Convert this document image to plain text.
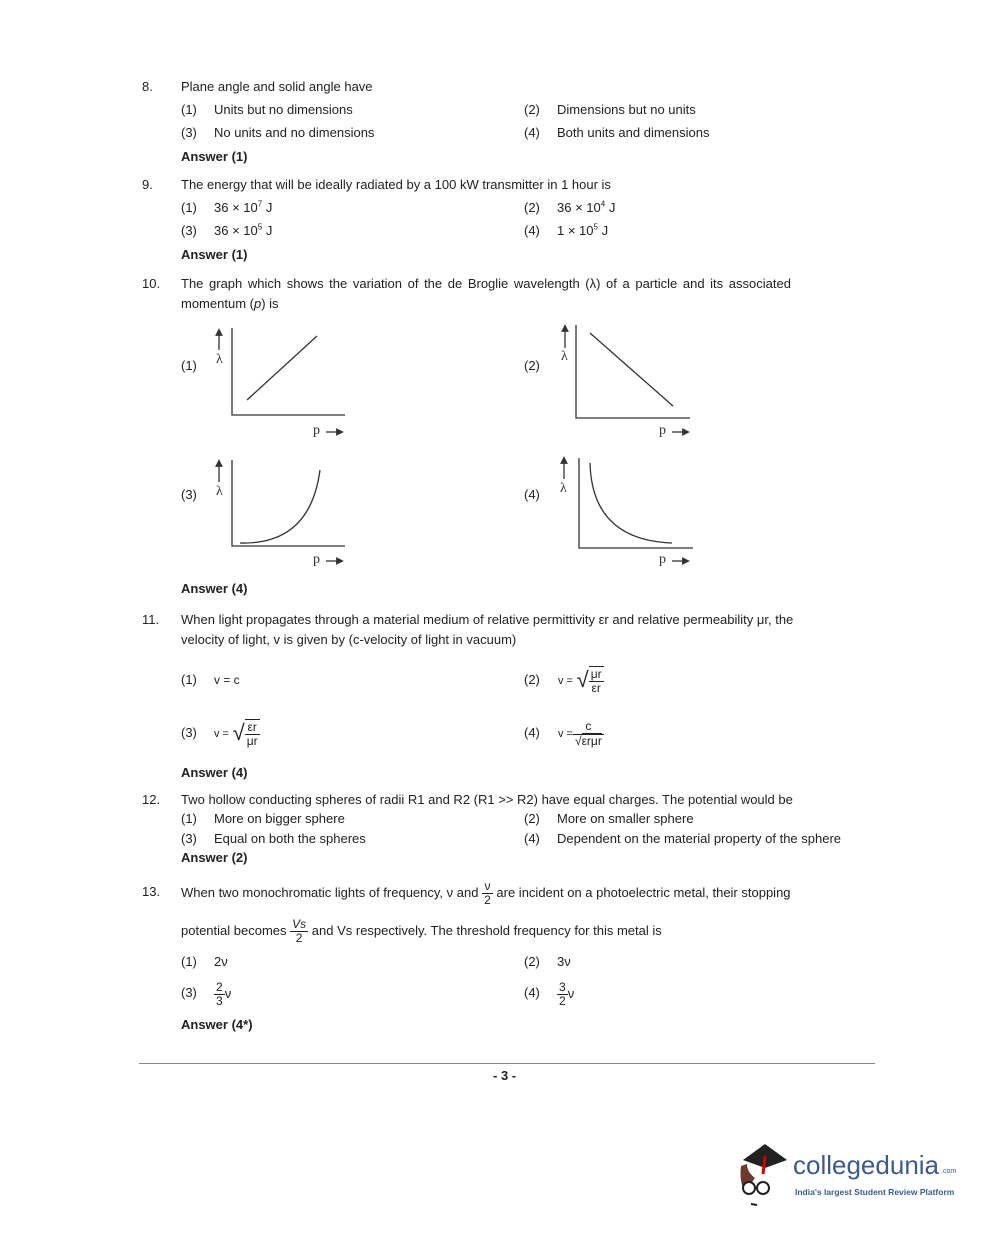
8. Plane angle and solid angle have
(1) Units but no dimensions	(2) Dimensions but no units
(3) No units and no dimensions	(4) Both units and dimensions
Answer (1)
9. The energy that will be ideally radiated by a 100 kW transmitter in 1 hour is
(1) $36 \times 10^7$ J	(2) $36 \times 10^4$ J
(3) $36 \times 10^5$ J	(4) $1 \times 10^5$ J
Answer (1)
10. The graph which shows the variation of the de Broglie wavelength (λ) of a particle and its associated
momentum (p) is
(1)	(2)
(3)	(4)
λ	λ
λ	λ
p	p
p	p
Answer (4)
11. When light propagates through a material medium of relative permittivity εr and relative permeability μr, the
velocity of light, v is given by (c-velocity of light in vacuum)
(1) v = c	(2) v = √ $\frac{\mu r}{\varepsilon r}$
(3) v = √ $\frac{\varepsilon r}{\mu r}$	(4) $v = \frac{c}{\text{√εrμr}}$
Answer (4)
12. Two hollow conducting spheres of radii R1 and R2 (R1 >> R2) have equal charges. The potential would be
(1) More on bigger sphere	(2) More on smaller sphere
(3) Equal on both the spheres	(4) Dependent on the material property of the sphere
Answer (2)
13. When two monochromatic lights of frequency, ν and $\frac{\nu}{2}$ are incident on a photoelectric metal, their stopping
potential becomes $\frac{Vs}{2}$ and Vs respectively. The threshold frequency for this metal is
(1) 2ν	(2) 3ν
$(3) \frac{2}{3}$ ν	$(4) \frac{3}{2}$ ν
Answer (4*)
- 3 -
collegedunia .com
India's largest Student Review Platform
